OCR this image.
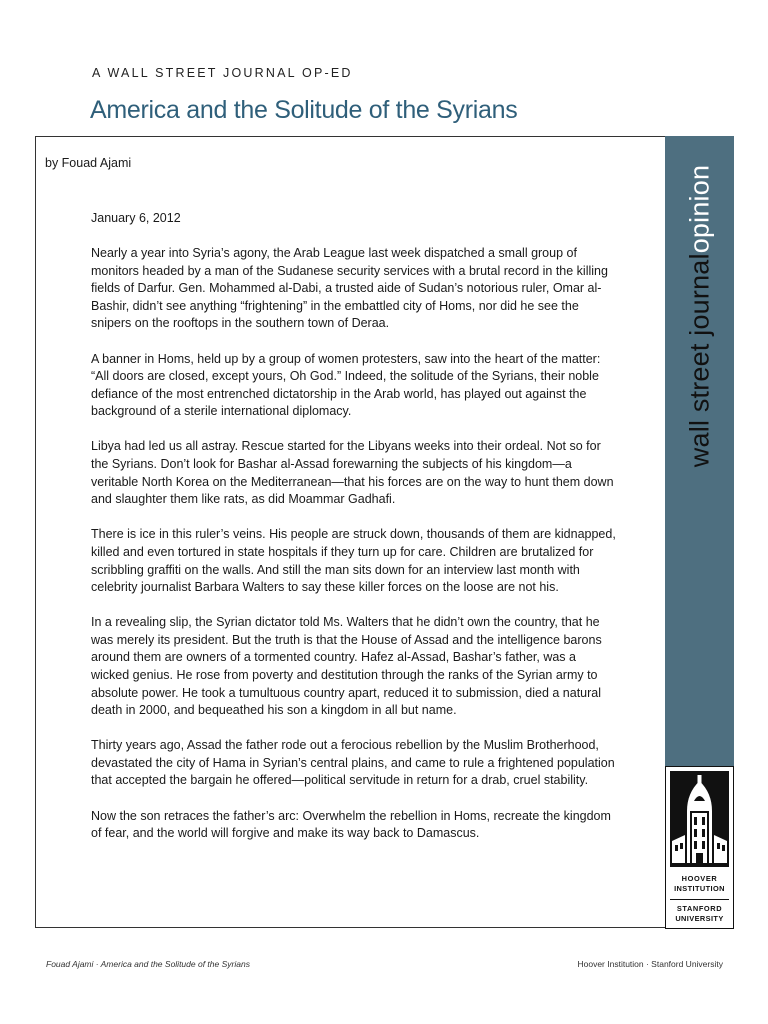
A WALL STREET JOURNAL OP-ED
America and the Solitude of the Syrians
by Fouad Ajami

January 6, 2012

Nearly a year into Syria’s agony, the Arab League last week dispatched a small group of monitors headed by a man of the Sudanese security services with a brutal record in the killing fields of Darfur. Gen. Mohammed al-Dabi, a trusted aide of Sudan’s notorious ruler, Omar al-Bashir, didn’t see anything “frightening” in the embattled city of Homs, nor did he see the snipers on the rooftops in the southern town of Deraa.

A banner in Homs, held up by a group of women protesters, saw into the heart of the matter: “All doors are closed, except yours, Oh God.” Indeed, the solitude of the Syrians, their noble defiance of the most entrenched dictatorship in the Arab world, has played out against the background of a sterile international diplomacy.

Libya had led us all astray. Rescue started for the Libyans weeks into their ordeal. Not so for the Syrians. Don’t look for Bashar al-Assad forewarning the subjects of his kingdom—a veritable North Korea on the Mediterranean—that his forces are on the way to hunt them down and slaughter them like rats, as did Moammar Gadhafi.

There is ice in this ruler’s veins. His people are struck down, thousands of them are kidnapped, killed and even tortured in state hospitals if they turn up for care. Children are brutalized for scribbling graffiti on the walls. And still the man sits down for an interview last month with celebrity journalist Barbara Walters to say these killer forces on the loose are not his.

In a revealing slip, the Syrian dictator told Ms. Walters that he didn’t own the country, that he was merely its president. But the truth is that the House of Assad and the intelligence barons around them are owners of a tormented country. Hafez al-Assad, Bashar’s father, was a wicked genius. He rose from poverty and destitution through the ranks of the Syrian army to absolute power. He took a tumultuous country apart, reduced it to submission, died a natural death in 2000, and bequeathed his son a kingdom in all but name.

Thirty years ago, Assad the father rode out a ferocious rebellion by the Muslim Brotherhood, devastated the city of Hama in Syrian’s central plains, and came to rule a frightened population that accepted the bargain he offered—political servitude in return for a drab, cruel stability.

Now the son retraces the father’s arc: Overwhelm the rebellion in Homs, recreate the kingdom of fear, and the world will forgive and make its way back to Damascus.

wall street journalopinion
HOOVER
INSTITUTION
STANFORD
UNIVERSITY
Fouad Ajami · America and the Solitude of the Syrians	Hoover Institution · Stanford University
